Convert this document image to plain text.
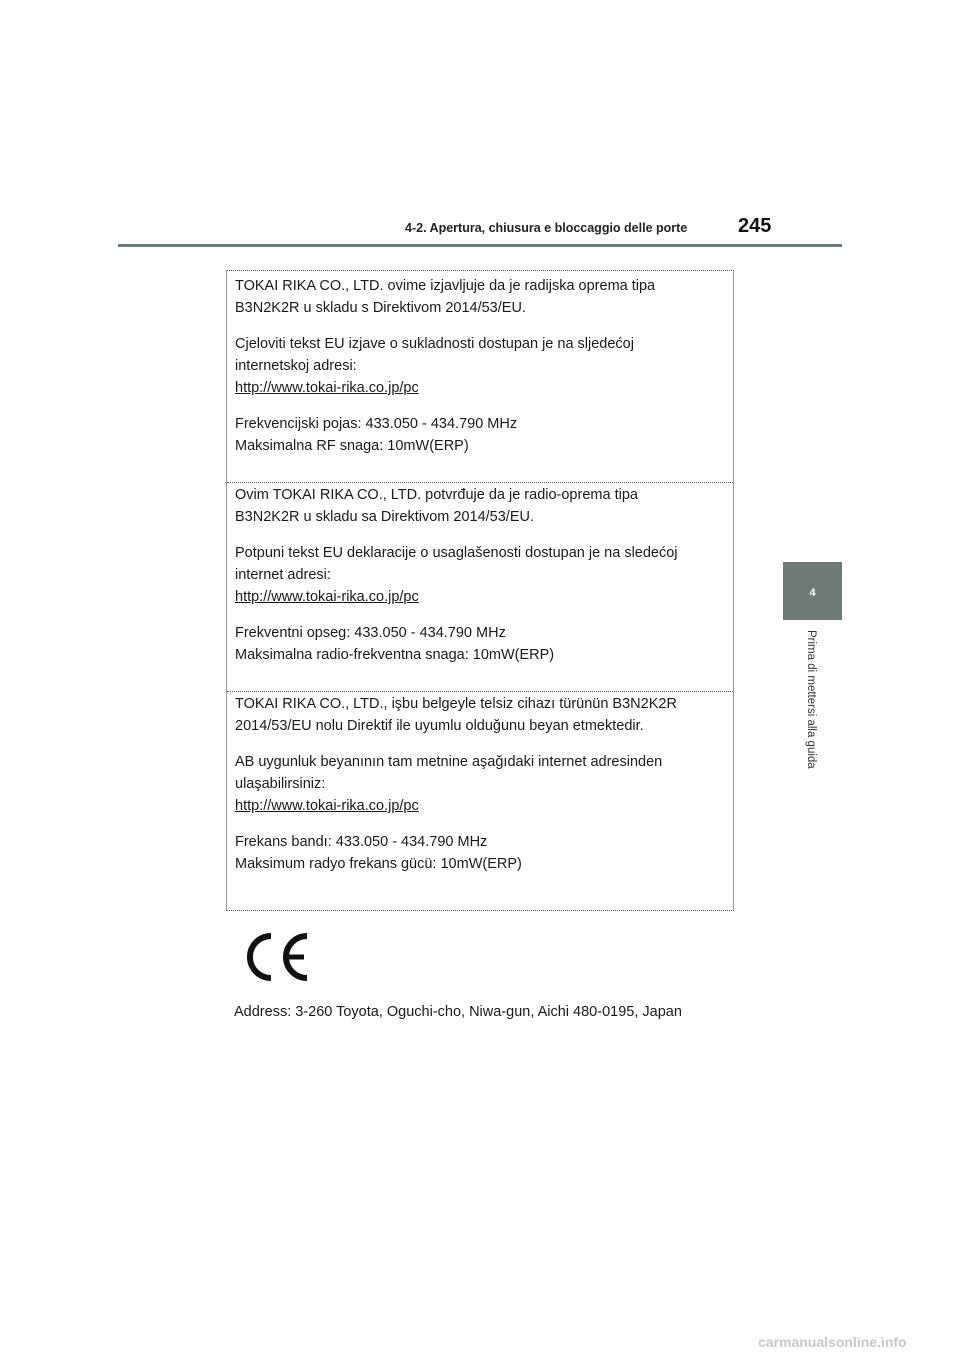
4-2. Apertura, chiusura e bloccaggio delle porte	245
4
Prima di mettersi alla guida

TOKAI RIKA CO., LTD. ovime izjavljuje da je radijska oprema tipa

B3N2K2R u skladu s Direktivom 2014/53/EU.

Cjeloviti tekst EU izjave o sukladnosti dostupan je na sljedećoj

internetskoj adresi:

http://www.tokai-rika.co.jp/pc

Frekvencijski pojas: 433.050 - 434.790 MHz

Maksimalna RF snaga: 10mW(ERP)

Ovim TOKAI RIKA CO., LTD. potvrđuje da je radio-oprema tipa

B3N2K2R u skladu sa Direktivom 2014/53/EU.

Potpuni tekst EU deklaracije o usaglašenosti dostupan je na sledećoj

internet adresi:

http://www.tokai-rika.co.jp/pc

Frekventni opseg: 433.050 - 434.790 MHz

Maksimalna radio-frekventna snaga: 10mW(ERP)

TOKAI RIKA CO., LTD., işbu belgeyle telsiz cihazı türünün B3N2K2R

2014/53/EU nolu Direktif ile uyumlu olduğunu beyan etmektedir.

AB uygunluk beyanının tam metnine aşağıdaki internet adresinden

ulaşabilirsiniz:

http://www.tokai-rika.co.jp/pc

Frekans bandı: 433.050 - 434.790 MHz

Maksimum radyo frekans gücü: 10mW(ERP)

Address: 3-260 Toyota, Oguchi-cho, Niwa-gun, Aichi 480-0195, Japan
carmanualsonline.info
